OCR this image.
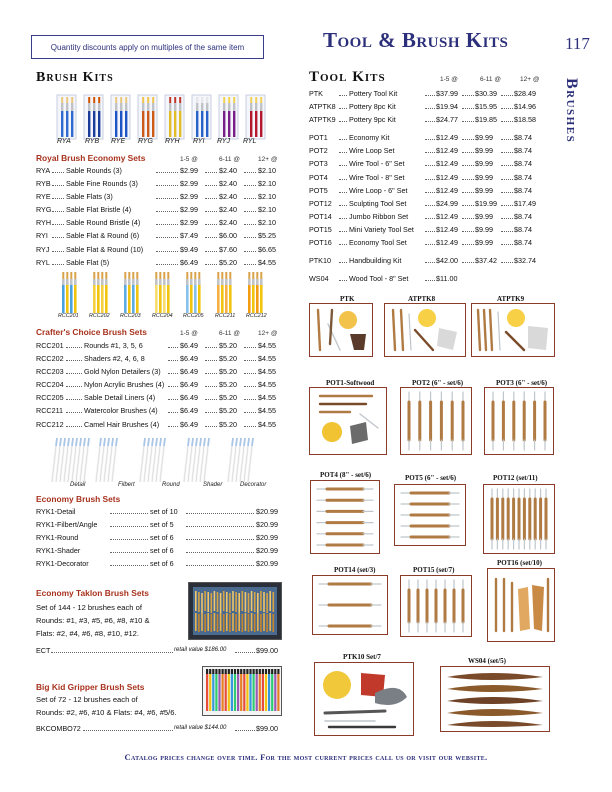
Quantity discounts apply on multiples of the same item	Tool & Brush Kits	117
Brushes
Brush Kits
RYA RYB RYE RYG RYH RYI RYJ RYL
Royal Brush Economy Sets	1-5 @	6-11 @	12+ @
RYA Sable Rounds (3)	$2.99	$2.40	$2.10
RYB Sable Fine Rounds (3)	$2.99	$2.40	$2.10
RYE Sable Flats (3)	$2.99	$2.40	$2.10
RYG Sable Flat Bristle (4)	$2.99	$2.40	$2.10
RYH Sable Round Bristle (4)	$2.99	$2.40	$2.10
RYI	Sable Flat & Round (6)	$7.49	$6.00	$5.25
RYJ Sable Flat & Round (10)	$9.49	$7.60	$6.65
RYL Sable Flat (5)	$6.49	$5.20	$4.55
RCC201 RCC202 RCC203 RCC204 RCC205 RCC211 RCC212
Crafter's Choice Brush Sets	1-5 @	6-11 @	12+ @
RCC201	Rounds #1, 3, 5, 6	$6.49	$5.20	$4.55
RCC202	Shaders #2, 4, 6, 8	$6.49	$5.20	$4.55
RCC203	Gold Nylon Detailers (3)	$6.49	$5.20	$4.55
RCC204	Nylon Acrylic Brushes (4) $6.49	$5.20	$4.55
RCC205	Sable Detail Liners (4)	$6.49	$5.20	$4.55
RCC211	Watercolor Brushes (4)	$6.49	$5.20	$4.55
RCC212	Camel Hair Brushes (4)	$6.49	$5.20	$4.55
Detail	Filbert	Round	Shader	Decorator
Economy Brush Sets
RYK1-Detail	set of 10	$20.99
RYK1-Filbert/Angle	set of 5	$20.99
RYK1-Round	set of 6	$20.99
RYK1-Shader	set of 6	$20.99
RYK1-Decorator	set of 6	$20.99
Economy Taklon Brush Sets
Set of 144 - 12 brushes each of
Rounds: #1, #3, #5, #6, #8, #10 &
Flats: #2, #4, #6, #8, #10, #12.
ECT	retail value $186.00	$99.00
Big Kid Gripper Brush Sets
Set of 72 - 12 brushes each of
Rounds: #2, #6, #10 & Flats: #4, #6, #5/6.
BKCOMBO72	retail value $144.00	$99.00
Tool Kits	1-5 @	6-11 @	12+ @
PTK	Pottery Tool Kit	$37.99 $30.39 $28.49
ATPTK8 Pottery 8pc Kit	$19.94 $15.95 $14.96
ATPTK9 Pottery 9pc Kit	$24.77 $19.85 $18.58
POT1	Economy Kit	$12.49 $9.99	$8.74
POT2	Wire Loop Set	$12.49 $9.99	$8.74
POT3	Wire Tool - 6" Set	$12.49 $9.99	$8.74
POT4	Wire Tool - 8" Set	$12.49 $9.99	$8.74
POT5	Wire Loop - 6" Set	$12.49 $9.99	$8.74
POT12 Sculpting Tool Set	$24.99 $19.99 $17.49
POT14 Jumbo Ribbon Set	$12.49 $9.99	$8.74
POT15 Mini Variety Tool Set	$12.49 $9.99	$8.74
POT16 Economy Tool Set	$12.49 $9.99	$8.74
PTK10	Handbuilding Kit	$42.00 $37.42 $32.74
WS04	Wood Tool - 8" Set	$11.00
PTK	ATPTK8	ATPTK9
POT1-Softwood	POT2 (6" - set/6)	POT3 (6" - set/6)
POT4 (8" - set/6)	POT5 (6" - set/6)	POT12 (set/11)
POT14 (set/3)	POT15 (set/7)
POT16 (set/10)
PTK10 Set/7	WS04 (set/5)
Catalog prices change over time. For the most current prices call us or visit our website.
